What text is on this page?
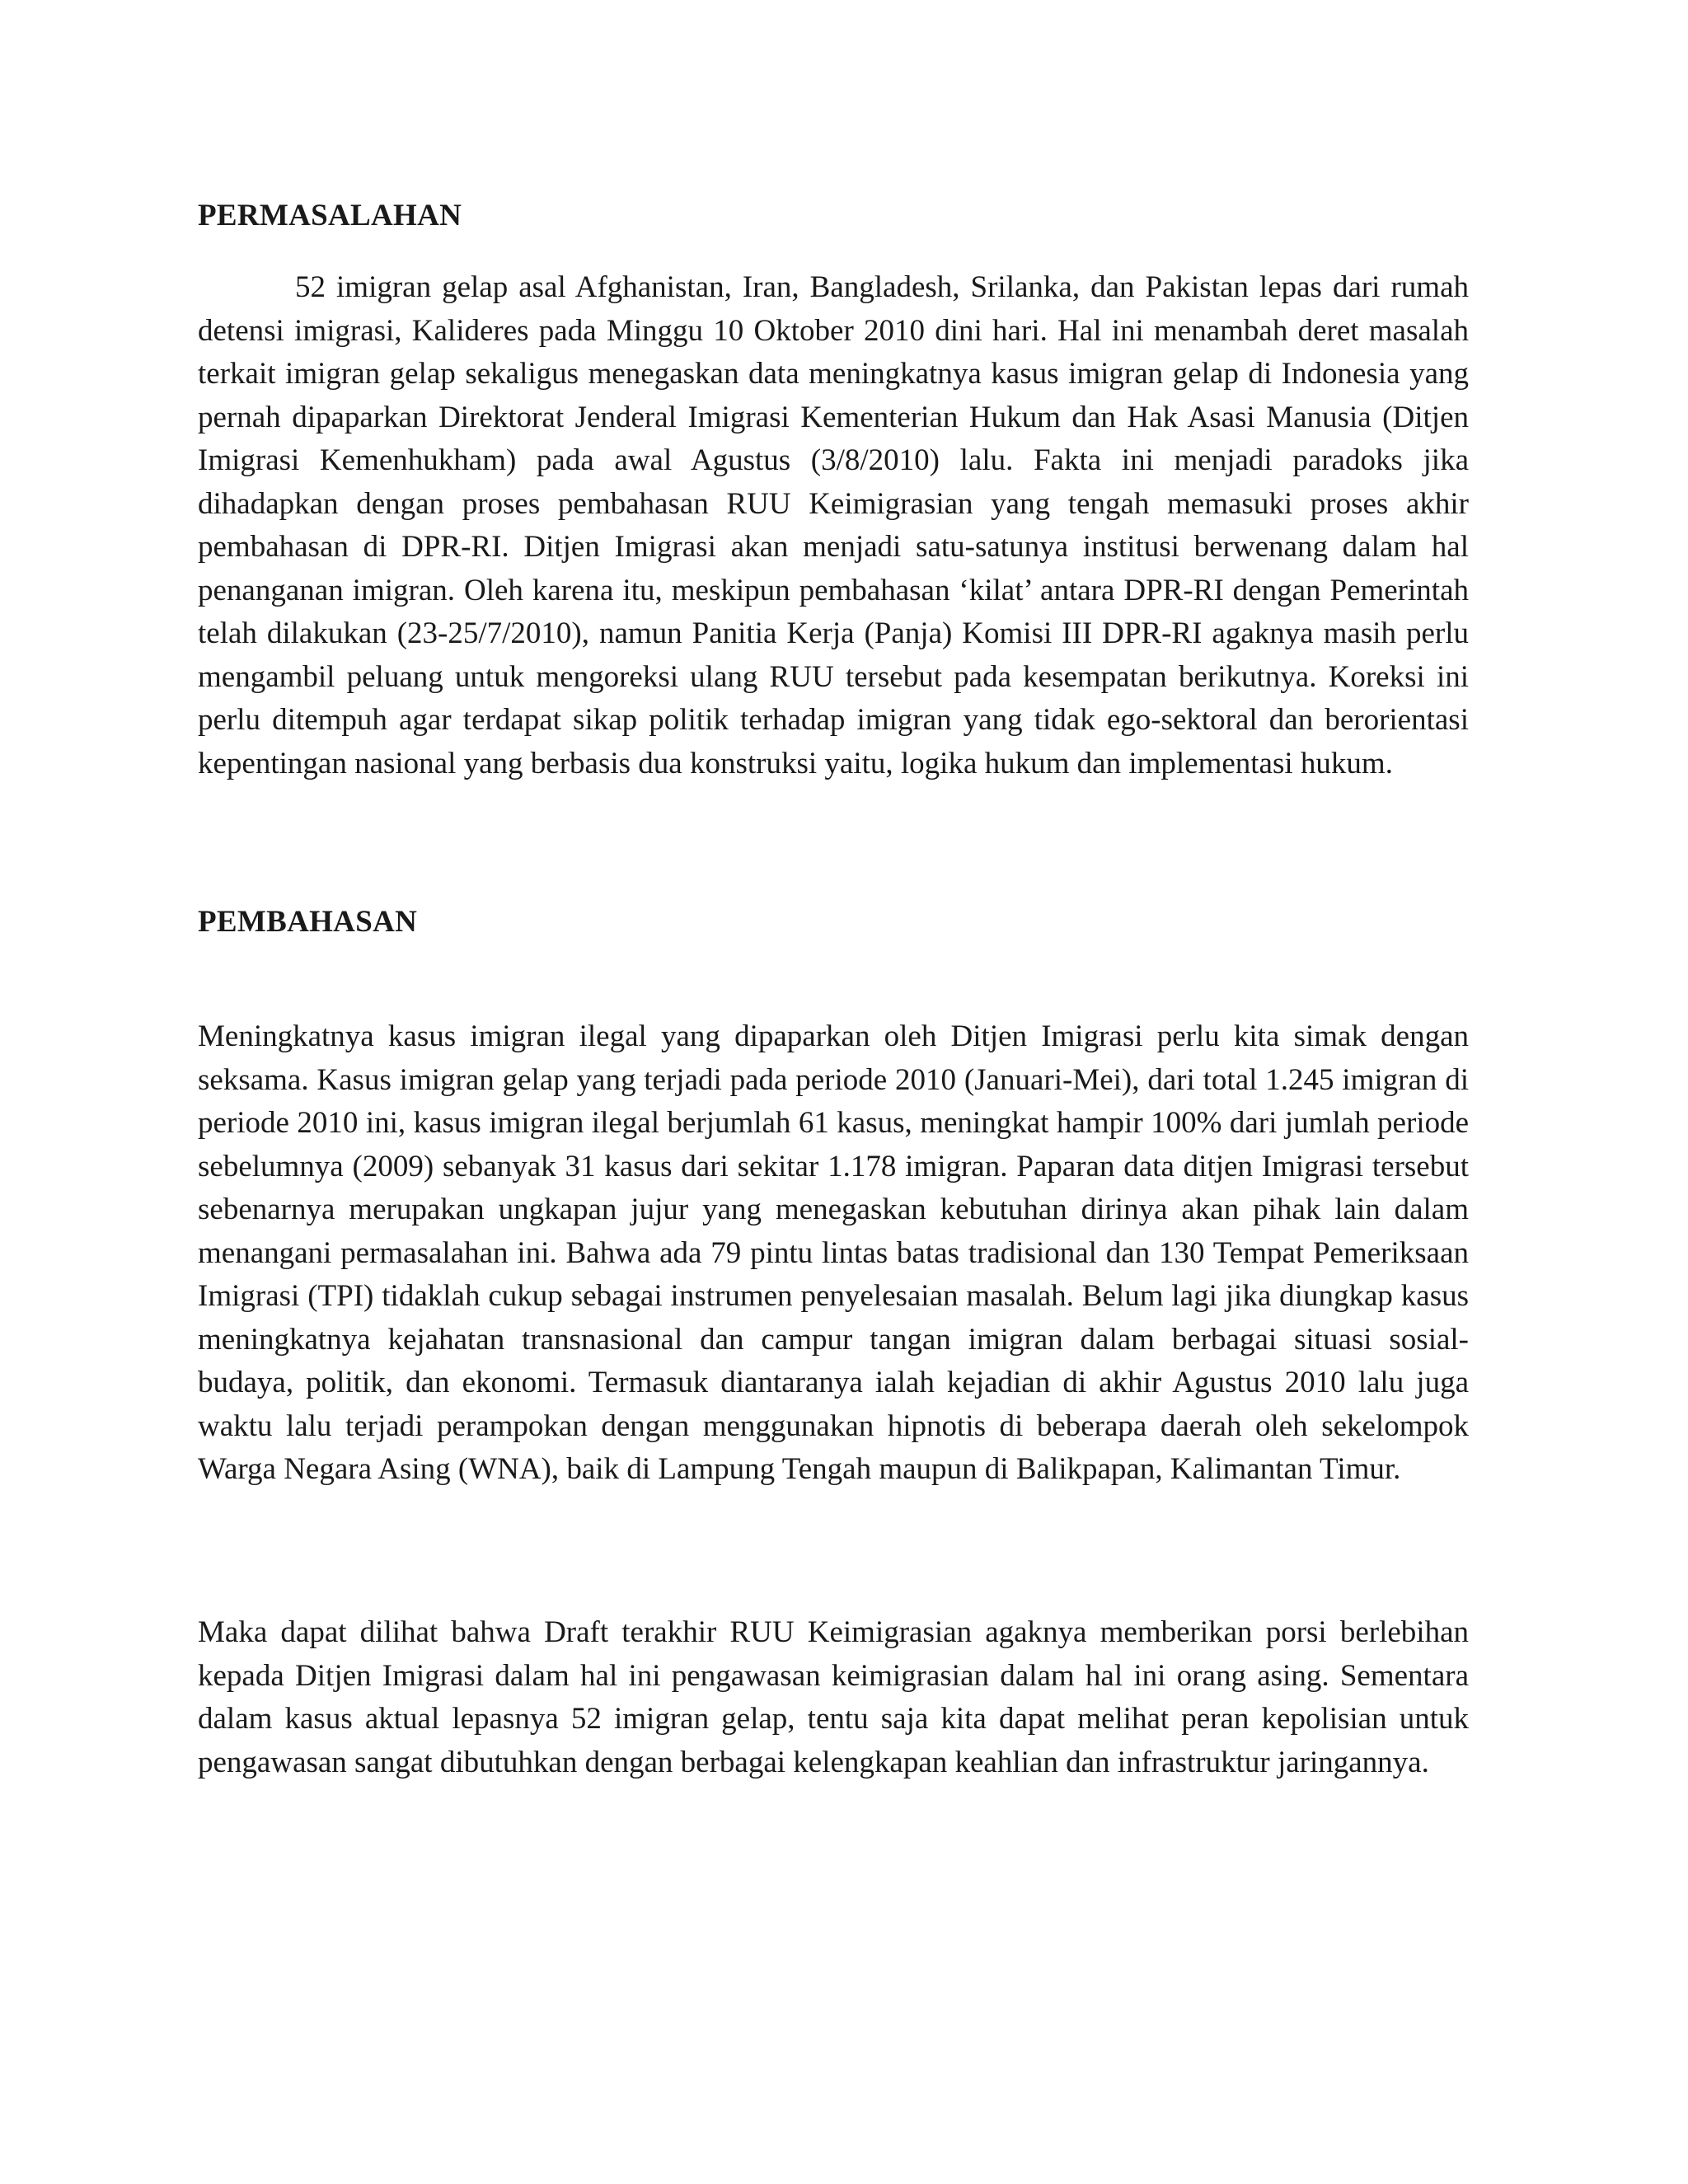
PERMASALAHAN

52 imigran gelap asal Afghanistan, Iran, Bangladesh, Srilanka, dan Pakistan lepas dari rumah detensi imigrasi, Kalideres pada Minggu 10 Oktober 2010 dini hari. Hal ini menambah deret masalah terkait imigran gelap sekaligus menegaskan data meningkatnya kasus imigran gelap di Indonesia yang pernah dipaparkan Direktorat Jenderal Imigrasi Kementerian Hukum dan Hak Asasi Manusia (Ditjen Imigrasi Kemenhukham) pada awal Agustus (3/8/2010) lalu. Fakta ini menjadi paradoks jika dihadapkan dengan proses pembahasan RUU Keimigrasian yang tengah memasuki proses akhir pembahasan di DPR-RI. Ditjen Imigrasi akan menjadi satu-satunya institusi berwenang dalam hal penanganan imigran. Oleh karena itu, meskipun pembahasan ‘kilat’ antara DPR-RI dengan Pemerintah telah dilakukan (23-25/7/2010), namun Panitia Kerja (Panja) Komisi III DPR-RI agaknya masih perlu mengambil peluang untuk mengoreksi ulang RUU tersebut pada kesempatan berikutnya. Koreksi ini perlu ditempuh agar terdapat sikap politik terhadap imigran yang tidak ego-sektoral dan berorientasi kepentingan nasional yang berbasis dua konstruksi yaitu, logika hukum dan implementasi hukum.

PEMBAHASAN

Meningkatnya kasus imigran ilegal yang dipaparkan oleh Ditjen Imigrasi perlu kita simak dengan seksama. Kasus imigran gelap yang terjadi pada periode 2010 (Januari-Mei), dari total 1.245 imigran di periode 2010 ini, kasus imigran ilegal berjumlah 61 kasus, meningkat hampir 100% dari jumlah periode sebelumnya (2009) sebanyak 31 kasus dari sekitar 1.178 imigran. Paparan data ditjen Imigrasi tersebut sebenarnya merupakan ungkapan jujur yang menegaskan kebutuhan dirinya akan pihak lain dalam menangani permasalahan ini. Bahwa ada 79 pintu lintas batas tradisional dan 130 Tempat Pemeriksaan Imigrasi (TPI) tidaklah cukup sebagai instrumen penyelesaian masalah. Belum lagi jika diungkap kasus meningkatnya kejahatan transnasional dan campur tangan imigran dalam berbagai situasi sosial-budaya, politik, dan ekonomi. Termasuk diantaranya ialah kejadian di akhir Agustus 2010 lalu juga waktu lalu terjadi perampokan dengan menggunakan hipnotis di beberapa daerah oleh sekelompok Warga Negara Asing (WNA), baik di Lampung Tengah maupun di Balikpapan, Kalimantan Timur.

Maka dapat dilihat bahwa Draft terakhir RUU Keimigrasian agaknya memberikan porsi berlebihan kepada Ditjen Imigrasi dalam hal ini pengawasan keimigrasian dalam hal ini orang asing. Sementara dalam kasus aktual lepasnya 52 imigran gelap, tentu saja kita dapat melihat peran kepolisian untuk pengawasan sangat dibutuhkan dengan berbagai kelengkapan keahlian dan infrastruktur jaringannya.
